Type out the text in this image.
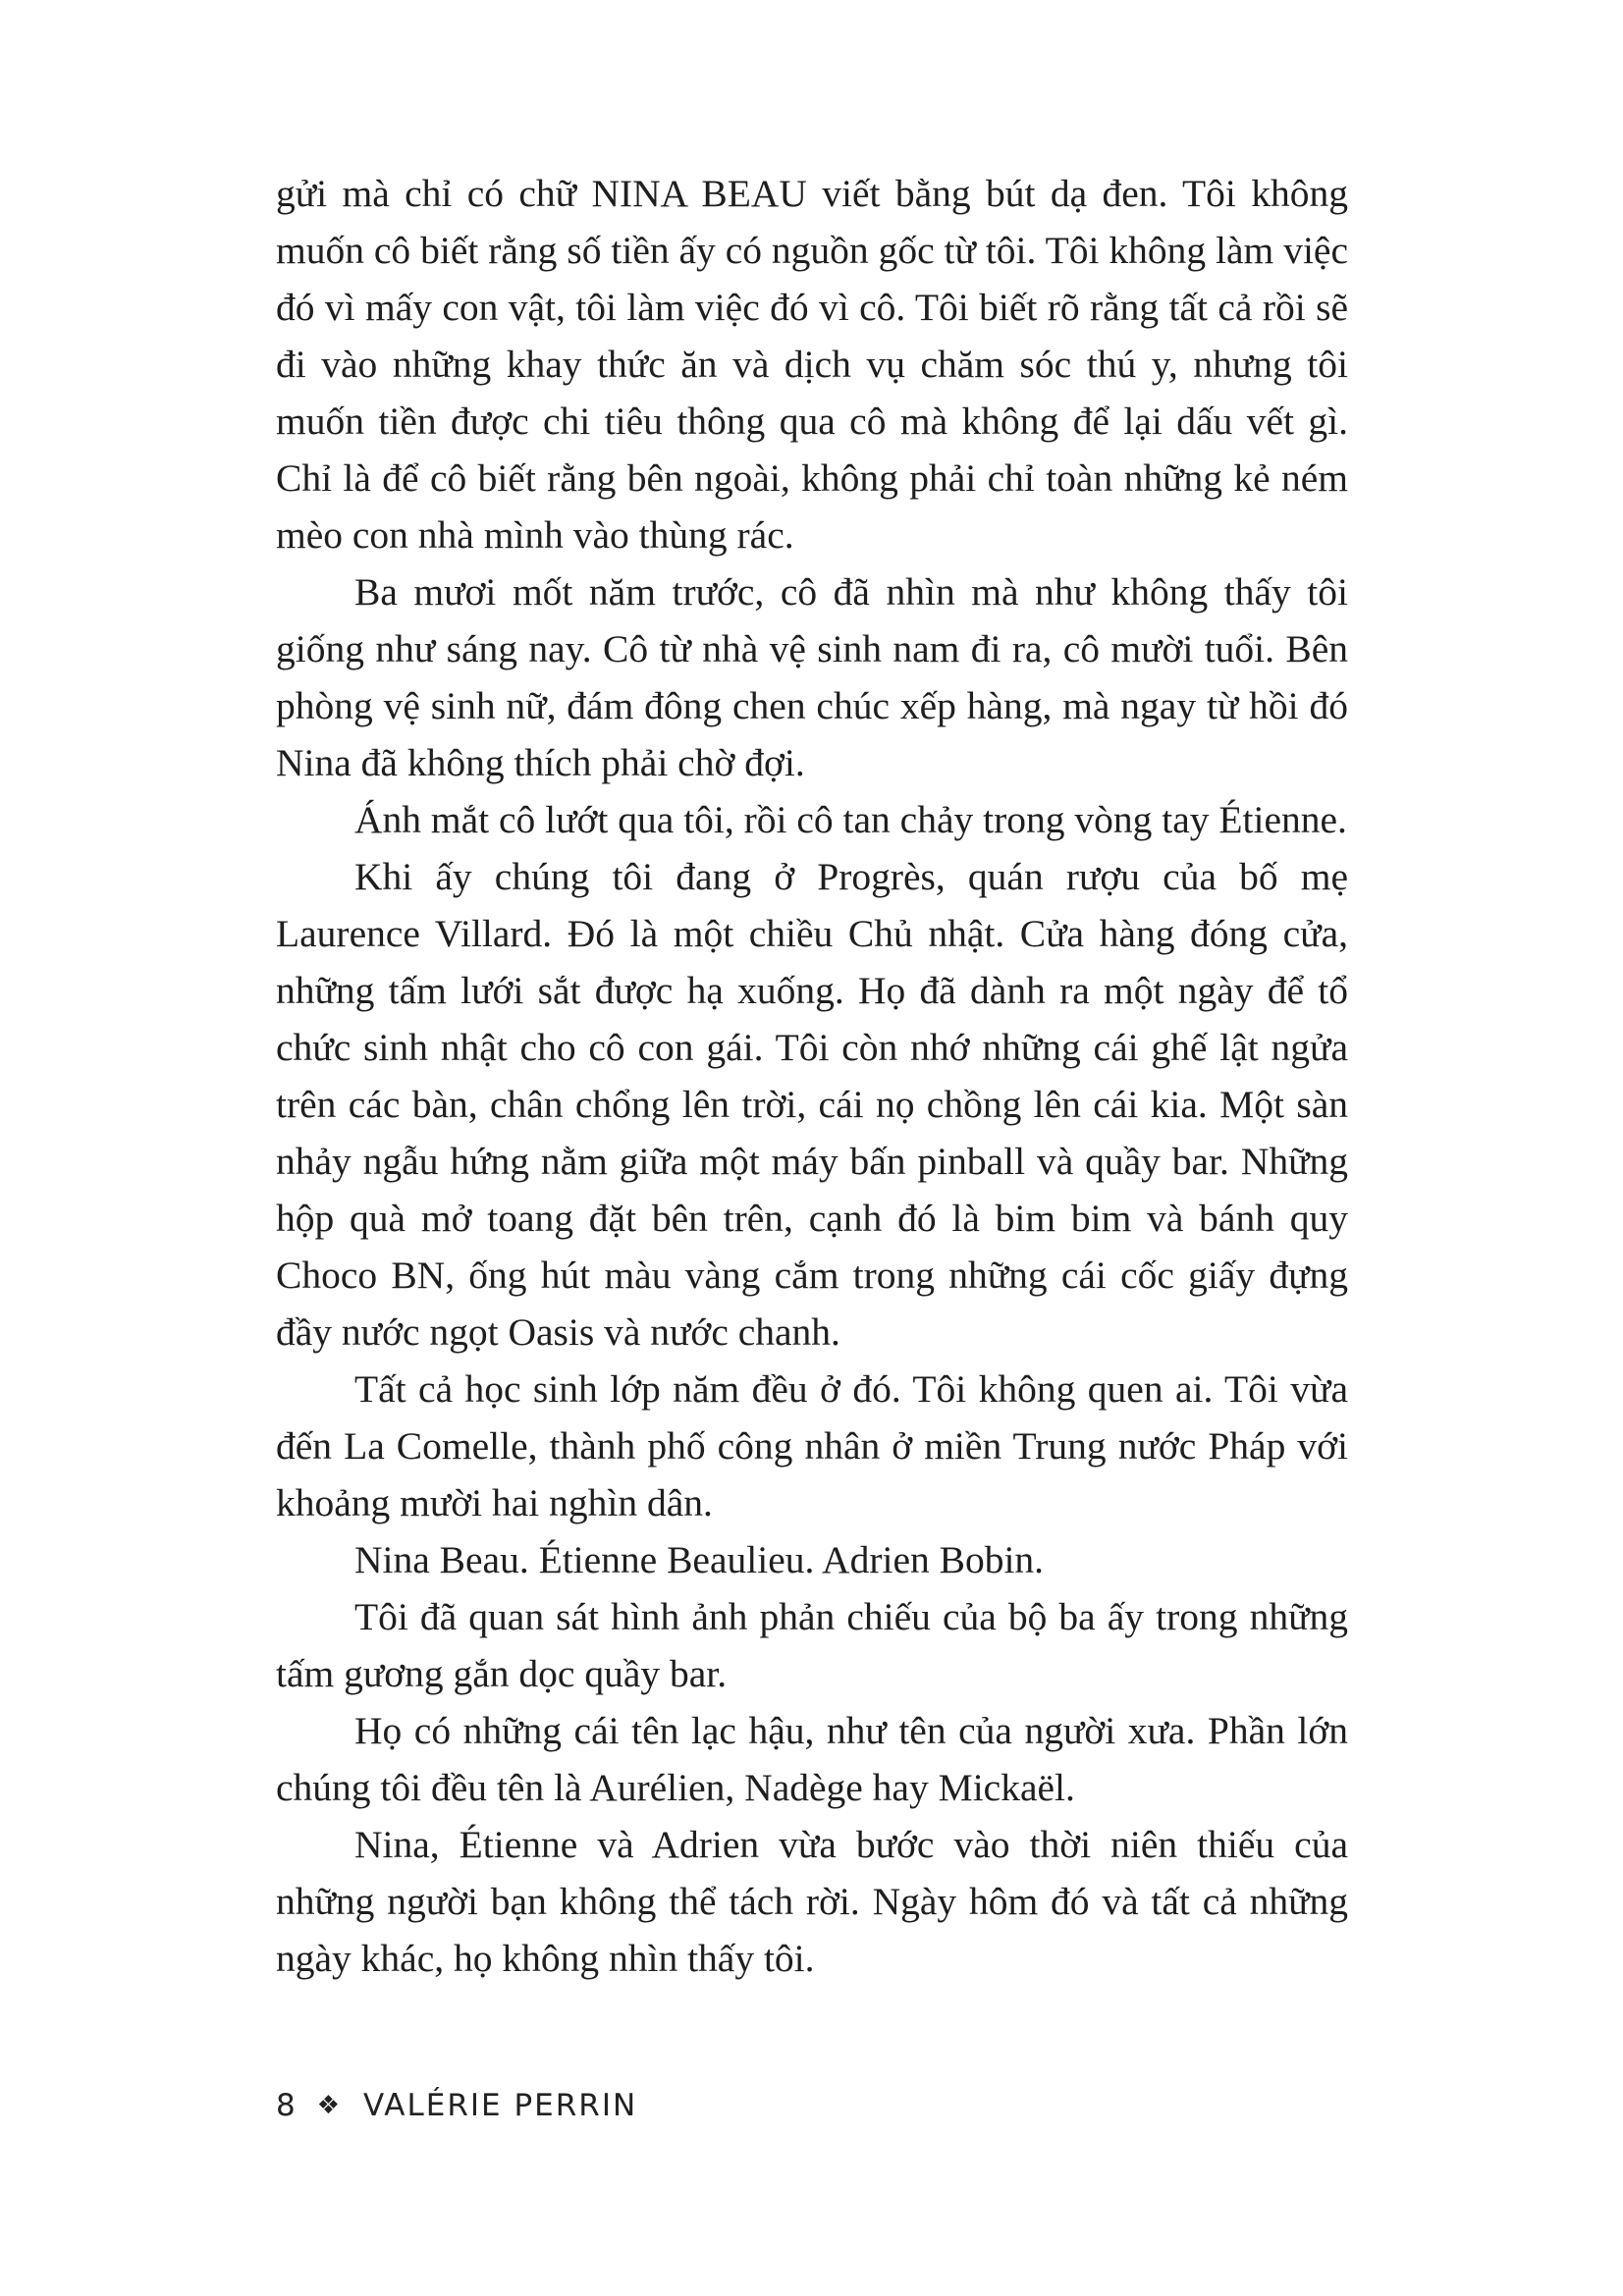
gửi mà chỉ có chữ NINA BEAU viết bằng bút dạ đen. Tôi không muốn cô biết rằng số tiền ấy có nguồn gốc từ tôi. Tôi không làm việc đó vì mấy con vật, tôi làm việc đó vì cô. Tôi biết rõ rằng tất cả rồi sẽ đi vào những khay thức ăn và dịch vụ chăm sóc thú y, nhưng tôi muốn tiền được chi tiêu thông qua cô mà không để lại dấu vết gì. Chỉ là để cô biết rằng bên ngoài, không phải chỉ toàn những kẻ ném mèo con nhà mình vào thùng rác.

Ba mươi mốt năm trước, cô đã nhìn mà như không thấy tôi giống như sáng nay. Cô từ nhà vệ sinh nam đi ra, cô mười tuổi. Bên phòng vệ sinh nữ, đám đông chen chúc xếp hàng, mà ngay từ hồi đó Nina đã không thích phải chờ đợi.

Ánh mắt cô lướt qua tôi, rồi cô tan chảy trong vòng tay Étienne.

Khi ấy chúng tôi đang ở Progrès, quán rượu của bố mẹ Laurence Villard. Đó là một chiều Chủ nhật. Cửa hàng đóng cửa, những tấm lưới sắt được hạ xuống. Họ đã dành ra một ngày để tổ chức sinh nhật cho cô con gái. Tôi còn nhớ những cái ghế lật ngửa trên các bàn, chân chổng lên trời, cái nọ chồng lên cái kia. Một sàn nhảy ngẫu hứng nằm giữa một máy bấn pinball và quầy bar. Những hộp quà mở toang đặt bên trên, cạnh đó là bim bim và bánh quy Choco BN, ống hút màu vàng cắm trong những cái cốc giấy đựng đầy nước ngọt Oasis và nước chanh.

Tất cả học sinh lớp năm đều ở đó. Tôi không quen ai. Tôi vừa đến La Comelle, thành phố công nhân ở miền Trung nước Pháp với khoảng mười hai nghìn dân.

Nina Beau. Étienne Beaulieu. Adrien Bobin.

Tôi đã quan sát hình ảnh phản chiếu của bộ ba ấy trong những tấm gương gắn dọc quầy bar.

Họ có những cái tên lạc hậu, như tên của người xưa. Phần lớn chúng tôi đều tên là Aurélien, Nadège hay Mickaël.

Nina, Étienne và Adrien vừa bước vào thời niên thiếu của những người bạn không thể tách rời. Ngày hôm đó và tất cả những ngày khác, họ không nhìn thấy tôi.

8 ❖ VALÉRIE PERRIN
